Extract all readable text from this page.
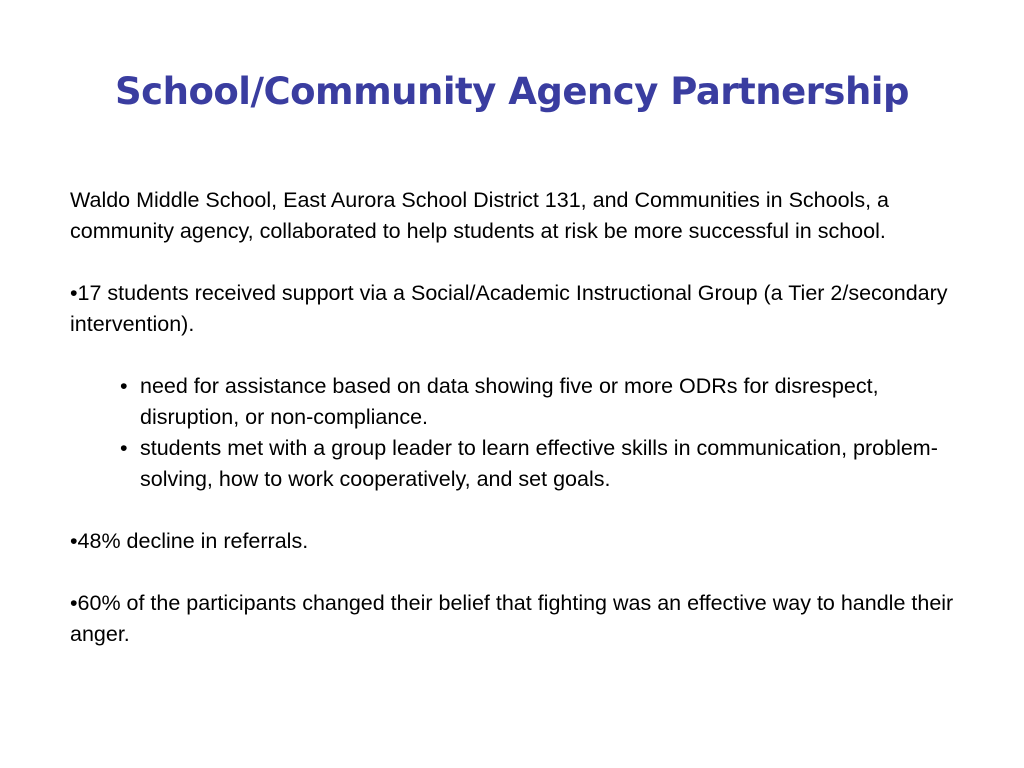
School/Community Agency Partnership

Waldo Middle School, East Aurora School District 131, and Communities in Schools, a community agency, collaborated to help students at risk be more successful in school.

•17 students received support via a Social/Academic Instructional Group (a Tier 2/secondary intervention).

• need for assistance based on data showing five or more ODRs for disrespect, disruption, or non-compliance.
• students met with a group leader to learn effective skills in communication, problem-solving, how to work cooperatively, and set goals.

•48% decline in referrals.

•60% of the participants changed their belief that fighting was an effective way to handle their anger.
